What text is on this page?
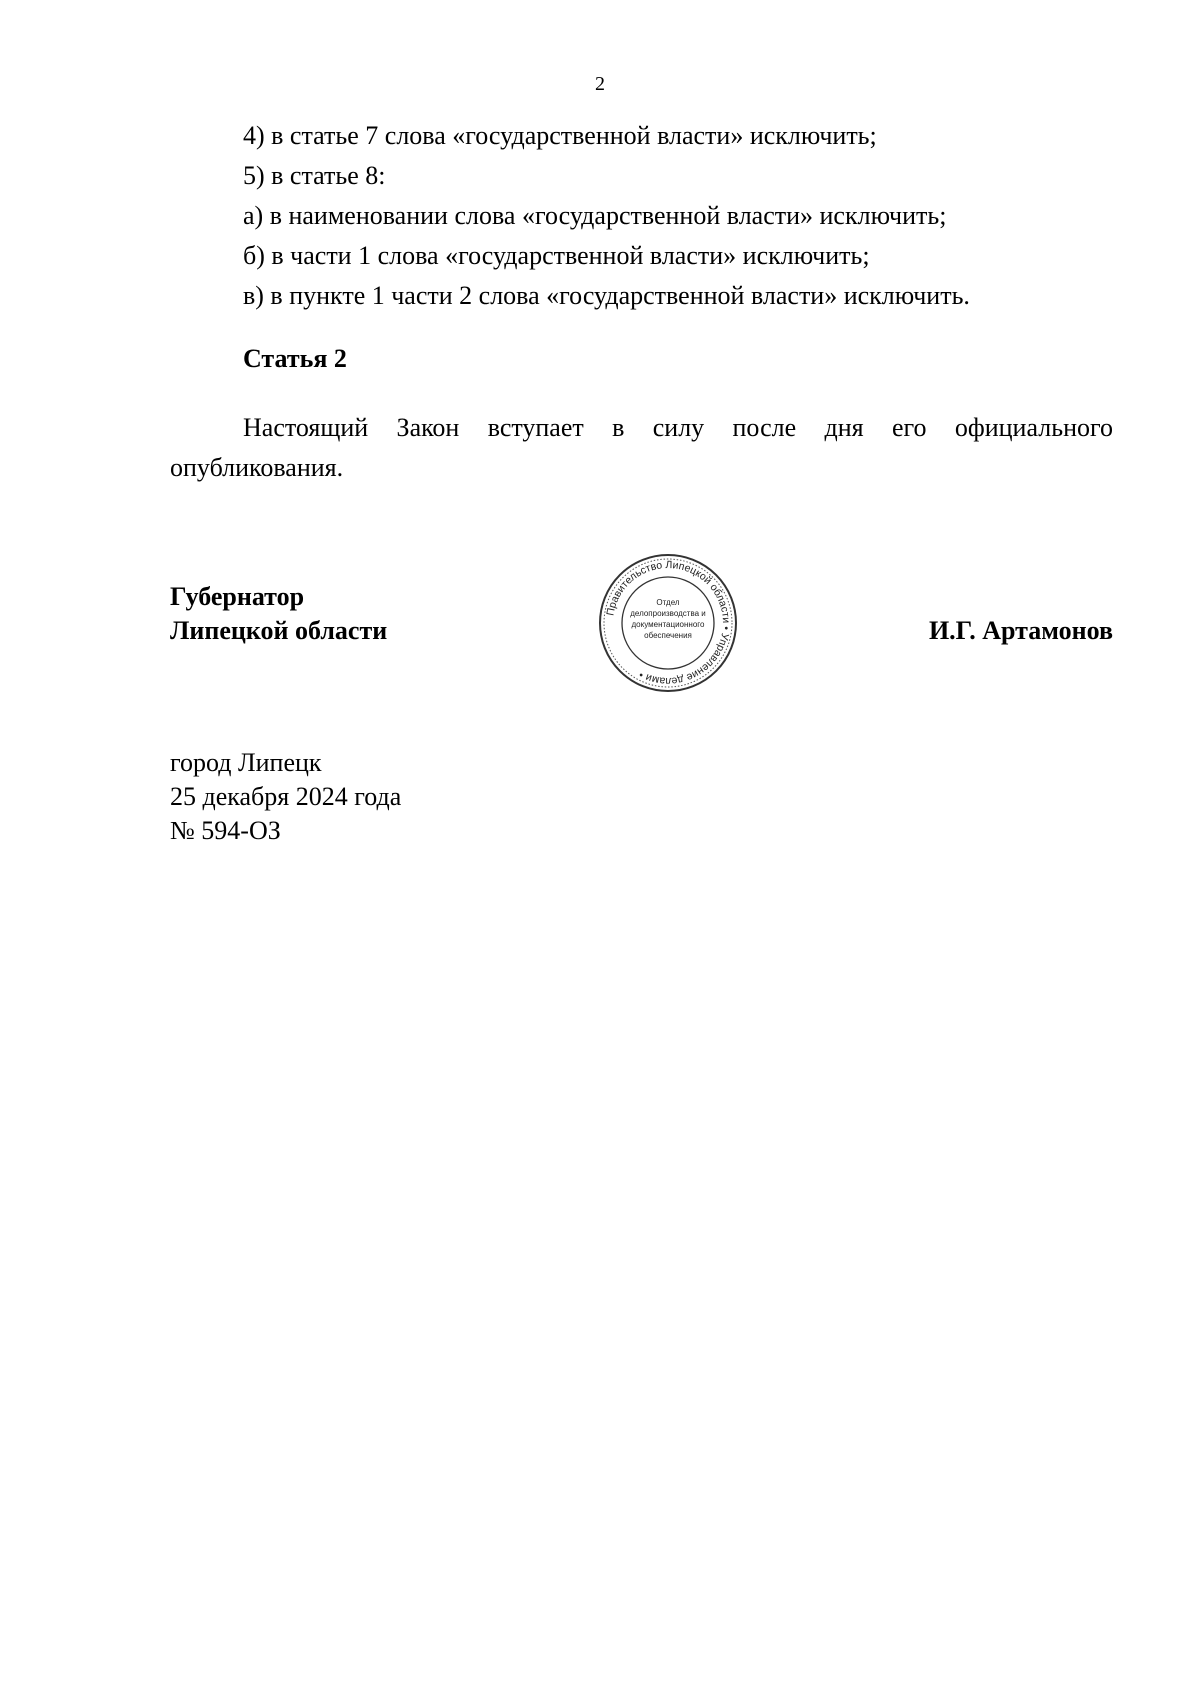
2
4) в статье 7 слова «государственной власти» исключить;
5) в статье 8:
а) в наименовании слова «государственной власти» исключить;
б) в части 1 слова «государственной власти» исключить;
в) в пункте 1 части 2 слова «государственной власти» исключить.
Статья 2

Настоящий Закон вступает в силу после дня его официального опубликования.

Губернатор
Липецкой области
Правительство Липецкой области • Управление делами •
Отдел
делопроизводства и
документационного
обеспечения	И.Г. Артамонов
город Липецк
25 декабря 2024 года
№ 594-ОЗ
